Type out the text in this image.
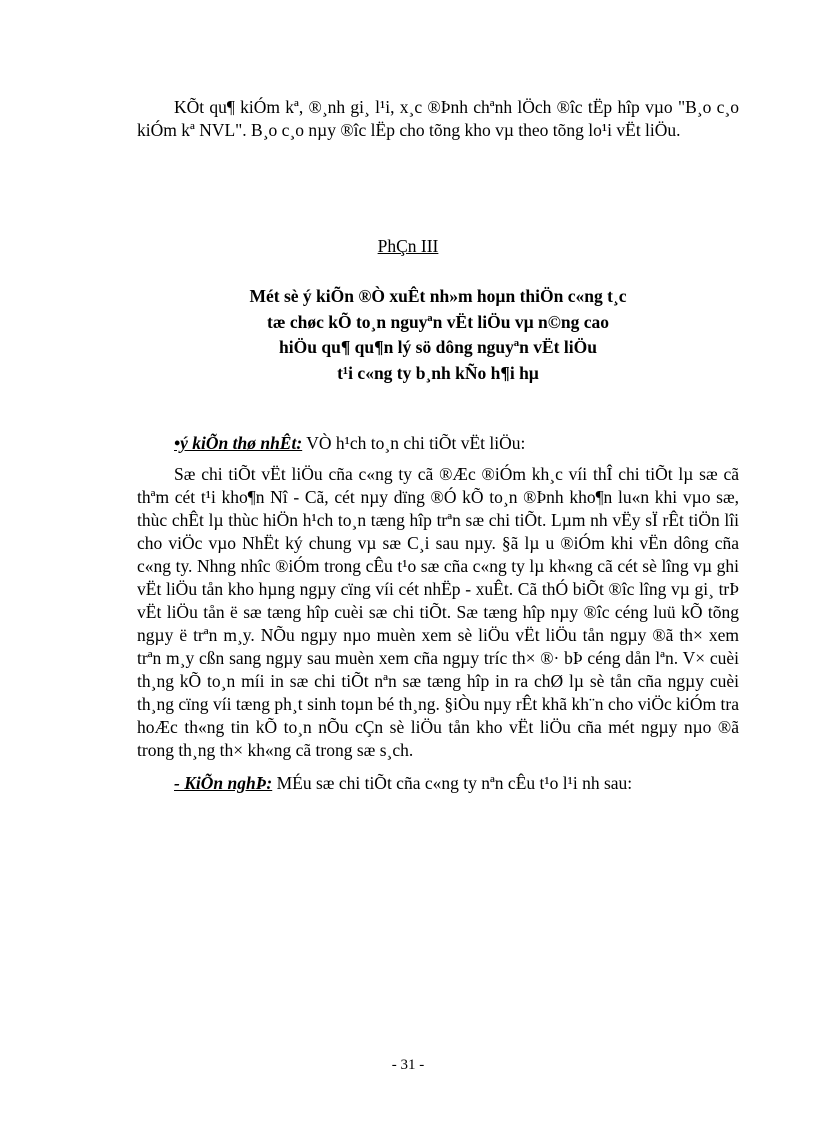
KÕt qu¶ kiÓm kª, ®¸nh gi¸ l¹i, x¸c ®Þnh chªnh lÖch ®îc tËp hîp vµo "B¸o c¸o kiÓm kª NVL". B¸o c¸o nµy ®îc lËp cho tõng kho vµ theo tõng lo¹i vËt liÖu.

PhÇn III

Mét sè ý kiÕn ®Ò xuÊt nh»m hoµn thiÖn c«ng t¸c
tæ chøc kÕ to¸n nguyªn vËt liÖu vµ n©ng cao
hiÖu qu¶ qu¶n lý sö dông nguyªn vËt liÖu
t¹i c«ng ty b¸nh kÑo h¶i hµ

•ý kiÕn thø nhÊt: VÒ h¹ch to¸n chi tiÕt vËt liÖu:

Sæ chi tiÕt vËt liÖu cña c«ng ty cã ®Æc ®iÓm kh¸c víi thÎ chi tiÕt lµ sæ cã thªm cét t¹i kho¶n Nî - Cã, cét nµy dïng ®Ó kÕ to¸n ®Þnh kho¶n lu«n khi vµo sæ, thùc chÊt lµ thùc hiÖn h¹ch to¸n tæng hîp trªn sæ chi tiÕt. Lµm nh vËy sÏ rÊt tiÖn lîi cho viÖc vµo NhËt ký chung vµ sæ C¸i sau nµy. §ã lµ u ®iÓm khi vËn dông cña c«ng ty. Nhng nhîc ®iÓm trong cÊu t¹o sæ cña c«ng ty lµ kh«ng cã cét sè lîng vµ ghi vËt liÖu tån kho hµng ngµy cïng víi cét nhËp - xuÊt. Cã thÓ biÕt ®îc lîng vµ gi¸ trÞ vËt liÖu tån ë sæ tæng hîp cuèi sæ chi tiÕt. Sæ tæng hîp nµy ®îc céng luü kÕ tõng ngµy ë trªn m¸y. NÕu ngµy nµo muèn xem sè liÖu vËt liÖu tån ngµy ®ã th× xem trªn m¸y cßn sang ngµy sau muèn xem cña ngµy tríc th× ®· bÞ céng dån lªn. V× cuèi th¸ng kÕ to¸n míi in sæ chi tiÕt nªn sæ tæng hîp in ra chØ lµ sè tån cña ngµy cuèi th¸ng cïng víi tæng ph¸t sinh toµn bé th¸ng. §iÒu nµy rÊt khã kh¨n cho viÖc kiÓm tra hoÆc th«ng tin kÕ to¸n nÕu cÇn sè liÖu tån kho vËt liÖu cña mét ngµy nµo ®ã trong th¸ng th× kh«ng cã trong sæ s¸ch.

- KiÕn nghÞ: MÉu sæ chi tiÕt cña c«ng ty nªn cÊu t¹o l¹i nh sau:

- 31 -
